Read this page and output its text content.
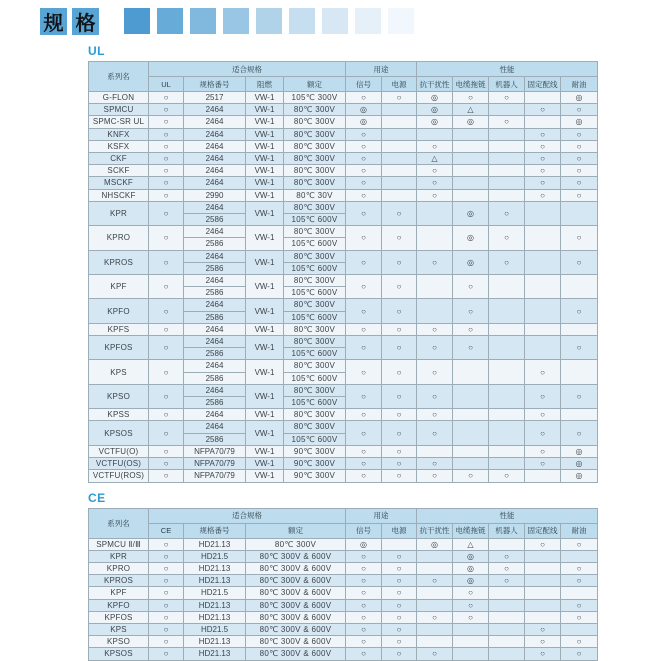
规 格
UL
系列名	适合规格				用途		性能				
	UL	规格番号	阻燃	额定	信号	电源	抗干扰性	电缆拖链	机器人	固定配线	耐油
G-FLON	○	2517	VW-1	105℃ 300V	○	○	◎	○	○		◎
SPMCU	○	2464	VW-1	80℃ 300V	◎		◎	△		○	○
SPMC-SR UL	○	2464	VW-1	80℃ 300V	◎		◎	◎	○		◎
KNFX	○	2464	VW-1	80℃ 300V	○					○	○
KSFX	○	2464	VW-1	80℃ 300V	○		○			○	○
CKF	○	2464	VW-1	80℃ 300V	○		△			○	○
SCKF	○	2464	VW-1	80℃ 300V	○		○			○	○
MSCKF	○	2464	VW-1	80℃ 300V	○		○			○	○
NHSCKF	○	2990	VW-1	80℃ 30V	○		○			○	○
KPR	○	2464	VW-1	80℃ 300V	○	○		◎	○		
		2586		105℃ 600V							
KPRO	○	2464	VW-1	80℃ 300V	○	○		◎	○		○
		2586		105℃ 600V							
KPROS	○	2464	VW-1	80℃ 300V	○	○	○	◎	○		○
		2586		105℃ 600V							
KPF	○	2464	VW-1	80℃ 300V	○	○		○			
		2586		105℃ 600V							
KPFO	○	2464	VW-1	80℃ 300V	○	○		○			○
		2586		105℃ 600V							
KPFS	○	2464	VW-1	80℃ 300V	○	○	○	○			
KPFOS	○	2464	VW-1	80℃ 300V	○	○	○	○			○
		2586		105℃ 600V							
KPS	○	2464	VW-1	80℃ 300V	○	○	○			○	
		2586		105℃ 600V							
KPSO	○	2464	VW-1	80℃ 300V	○	○	○			○	○
		2586		105℃ 600V							
KPSS	○	2464	VW-1	80℃ 300V	○	○	○			○	
KPSOS	○	2464	VW-1	80℃ 300V	○	○	○			○	○
		2586		105℃ 600V							
VCTFU(O)	○	NFPA70/79	VW-1	90℃ 300V	○	○				○	◎
VCTFU(OS)	○	NFPA70/79	VW-1	90℃ 300V	○	○	○			○	◎
VCTFU(ROS)	○	NFPA70/79	VW-1	90℃ 300V	○	○	○	○	○		◎
CE
系列名	适合规格			用途		性能				
	CE	规格番号	额定	信号	电源	抗干扰性	电缆拖链	机器人	固定配线	耐油
SPMCU Ⅱ/Ⅲ	○	HD21.13	80℃ 300V	◎		◎	△		○	○
KPR	○	HD21.5	80℃ 300V & 600V	○	○		◎	○		
KPRO	○	HD21.13	80℃ 300V & 600V	○	○		◎	○		○
KPROS	○	HD21.13	80℃ 300V & 600V	○	○	○	◎	○		○
KPF	○	HD21.5	80℃ 300V & 600V	○	○		○			
KPFO	○	HD21.13	80℃ 300V & 600V	○	○		○			○
KPFOS	○	HD21.13	80℃ 300V & 600V	○	○	○	○			○
KPS	○	HD21.5	80℃ 300V & 600V	○	○				○	
KPSO	○	HD21.13	80℃ 300V & 600V	○	○				○	○
KPSOS	○	HD21.13	80℃ 300V & 600V	○	○	○			○	○
